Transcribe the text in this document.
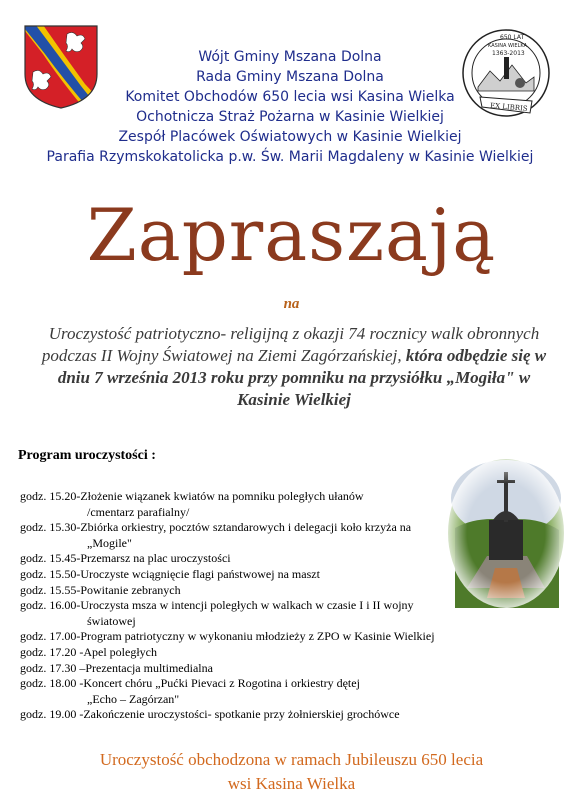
650 LAT
KASINA WIELKA
1363-2013
EX LIBRIS
Wójt Gminy Mszana Dolna
Rada Gminy Mszana Dolna
Komitet Obchodów 650 lecia wsi Kasina Wielka
Ochotnicza Straż Pożarna w Kasinie Wielkiej
Zespół Placówek Oświatowych w Kasinie Wielkiej
Parafia Rzymskokatolicka p.w. Św. Marii Magdaleny w Kasinie Wielkiej
Zapraszają
na
Uroczystość patriotyczno- religijną z okazji 74 rocznicy walk obronnych podczas II Wojny Światowej na Ziemi Zagórzańskiej, która odbędzie się w dniu 7 września 2013 roku przy pomniku na przysiółku „Mogiła" w Kasinie Wielkiej
Program uroczystości :
godz. 15.20- Złożenie wiązanek kwiatów na pomniku poległych ułanów
/cmentarz parafialny/
godz. 15.30- Zbiórka orkiestry, pocztów sztandarowych i delegacji koło krzyża na
„Mogile"
godz. 15.45- Przemarsz na plac uroczystości
godz. 15.50- Uroczyste wciągnięcie flagi państwowej na maszt
godz. 15.55- Powitanie zebranych
godz. 16.00- Uroczysta msza w intencji poległych w walkach w czasie I i II wojny
światowej
godz. 17.00- Program patriotyczny w wykonaniu młodzieży z ZPO w Kasinie Wielkiej
godz. 17.20 - Apel poległych
godz. 17.30 – Prezentacja multimedialna
godz. 18.00 - Koncert chóru „Pućki Pievaci z Rogotina i orkiestry dętej
„Echo – Zagórzan"
godz. 19.00 - Zakończenie uroczystości- spotkanie przy żołnierskiej grochówce
Uroczystość obchodzona w ramach Jubileuszu 650 lecia
wsi Kasina Wielka
